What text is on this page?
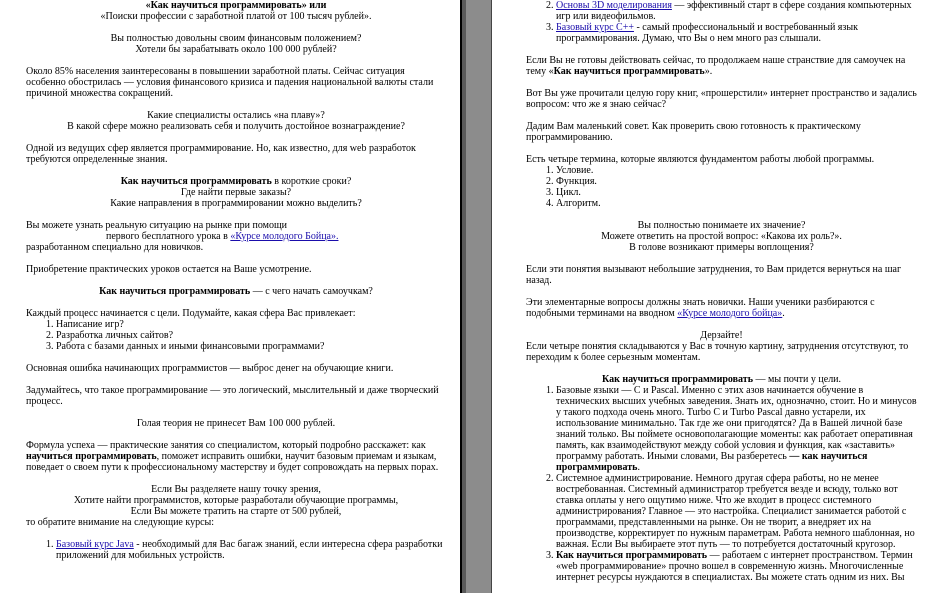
«Как научиться программировать» или
«Поиски профессии с заработной платой от 100 тысяч рублей».

Вы полностью довольны своим финансовым положением?
Хотели бы зарабатывать около 100 000 рублей?

Около 85% населения заинтересованы в повышении заработной платы. Сейчас ситуация особенно обострилась — условия финансового кризиса и падения национальной валюты стали причиной множества сокращений.

Какие специалисты остались «на плаву»?
В какой сфере можно реализовать себя и получить достойное вознаграждение?

Одной из ведущих сфер является программирование. Но, как известно, для web разработок требуются определенные знания.

Как научиться программировать в короткие сроки?
Где найти первые заказы?
Какие направления в программировании можно выделить?

Вы можете узнать реальную ситуацию на рынке при помощи
первого бесплатного урока в «Курсе молодого Бойца».
разработанном специально для новичков.

Приобретение практических уроков остается на Ваше усмотрение.

Как научиться программировать — с чего начать самоучкам?

Каждый процесс начинается с цели. Подумайте, какая сфера Вас привлекает:

1. Написание игр?
2. Разработка личных сайтов?
3. Работа с базами данных и иными финансовыми программами?

Основная ошибка начинающих программистов — выброс денег на обучающие книги.

Задумайтесь, что такое программирование — это логический, мыслительный и даже творческий процесс.

Голая теория не принесет Вам 100 000 рублей.

Формула успеха — практические занятия со специалистом, который подробно расскажет: как научиться программировать, поможет исправить ошибки, научит базовым приемам и языкам, поведает о своем пути к профессиональному мастерству и будет сопровождать на первых порах.

Если Вы разделяете нашу точку зрения,
Хотите найти программистов, которые разработали обучающие программы,
Если Вы можете тратить на старте от 500 рублей,

то обратите внимание на следующие курсы:

1. Базовый курс Java - необходимый для Вас багаж знаний, если интересна сфера разработки приложений для мобильных устройств.
2. Основы 3D моделирования — эффективный старт в сфере создания компьютерных игр или видеофильмов.
3. Базовый курс С++ - самый профессиональный и востребованный язык программирования. Думаю, что Вы о нем много раз слышали.

Если Вы не готовы действовать сейчас, то продолжаем наше странствие для самоучек на тему «Как научиться программировать».

Вот Вы уже прочитали целую гору книг, «прошерстили» интернет пространство и задались вопросом: что же я знаю сейчас?

Дадим Вам маленький совет. Как проверить свою готовность к практическому программированию.

Есть четыре термина, которые являются фундаментом работы любой программы.

1. Условие.
2. Функция.
3. Цикл.
4. Алгоритм.

Вы полностью понимаете их значение?
Можете ответить на простой вопрос: «Какова их роль?».
В голове возникают примеры воплощения?

Если эти понятия вызывают небольшие затруднения, то Вам придется вернуться на шаг назад.

Эти элементарные вопросы должны знать новички. Наши ученики разбираются с подобными терминами на вводном «Курсе молодого бойца».

Дерзайте!

Если четыре понятия складываются у Вас в точную картину, затруднения отсутствуют, то переходим к более серьезным моментам.

Как научиться программировать — мы почти у цели.

1. Базовые языки — С и Pascal. Именно с этих азов начинается обучение в технических высших учебных заведения. Знать их, однозначно, стоит. Но и минусов у такого подхода очень много. Turbo C и Turbo Pascal давно устарели, их использование минимально. Так где же они пригодятся? Да в Вашей личной базе знаний только. Вы поймете основополагающие моменты: как работает оперативная память, как взаимодействуют между собой условия и функция, как «заставить» программу работать. Иными словами, Вы разберетесь — как научиться программировать.
2. Системное администрирование. Немного другая сфера работы, но не менее востребованная. Системный администратор требуется везде и всюду, только вот ставка оплаты у него ощутимо ниже. Что же входит в процесс системного администрирования? Главное — это настройка. Специалист занимается работой с программами, представленными на рынке. Он не творит, а внедряет их на производстве, корректирует по нужным параметрам. Работа немного шаблонная, но важная. Если Вы выбираете этот путь — то потребуется достаточный кругозор.
3. Как научиться программировать — работаем с интернет пространством. Термин «web программирование» прочно вошел в современную жизнь. Многочисленные интернет ресурсы нуждаются в специалистах. Вы можете стать одним из них. Вы
